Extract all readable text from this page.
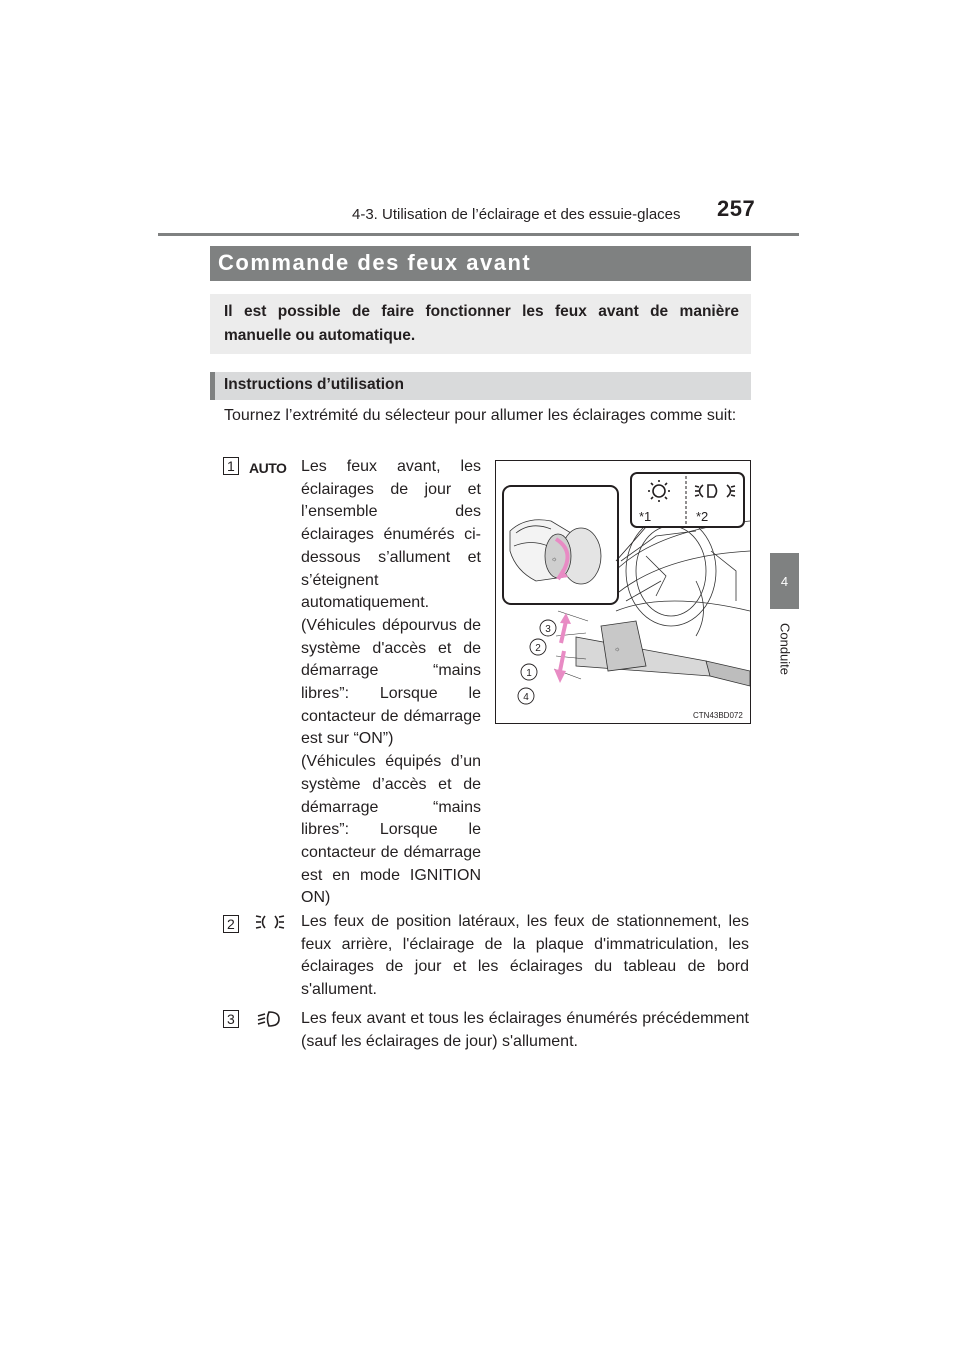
4-3. Utilisation de l’éclairage et des essuie-glaces 257
4
Conduite
Commande des feux avant
Il est possible de faire fonctionner les feux avant de manière manuelle ou automatique.
Instructions d’utilisation
Tournez l’extrémité du sélecteur pour allumer les éclairages comme suit:
1 AUTO Les feux avant, les éclairages de jour et l’ensemble des éclairages énumérés ci-dessous s’allument et s’éteignent automatiquement.
(Véhicules dépourvus de système d'accès et de démarrage “mains libres”: Lorsque le contacteur de démarrage est sur “ON”)
(Véhicules équipés d’un système d’accès et de démarrage “mains libres”: Lorsque le contacteur de démarrage est en mode IGNITION ON)
☼
*1	*2
☼
3
2
1
4
CTN43BD072
2	Les feux de position latéraux, les feux de stationnement, les feux arrière, l'éclairage de la plaque d'immatriculation, les éclairages de jour et les éclairages du tableau de bord s'allument.
3	Les feux avant et tous les éclairages énumérés précédemment (sauf les éclairages de jour) s'allument.
